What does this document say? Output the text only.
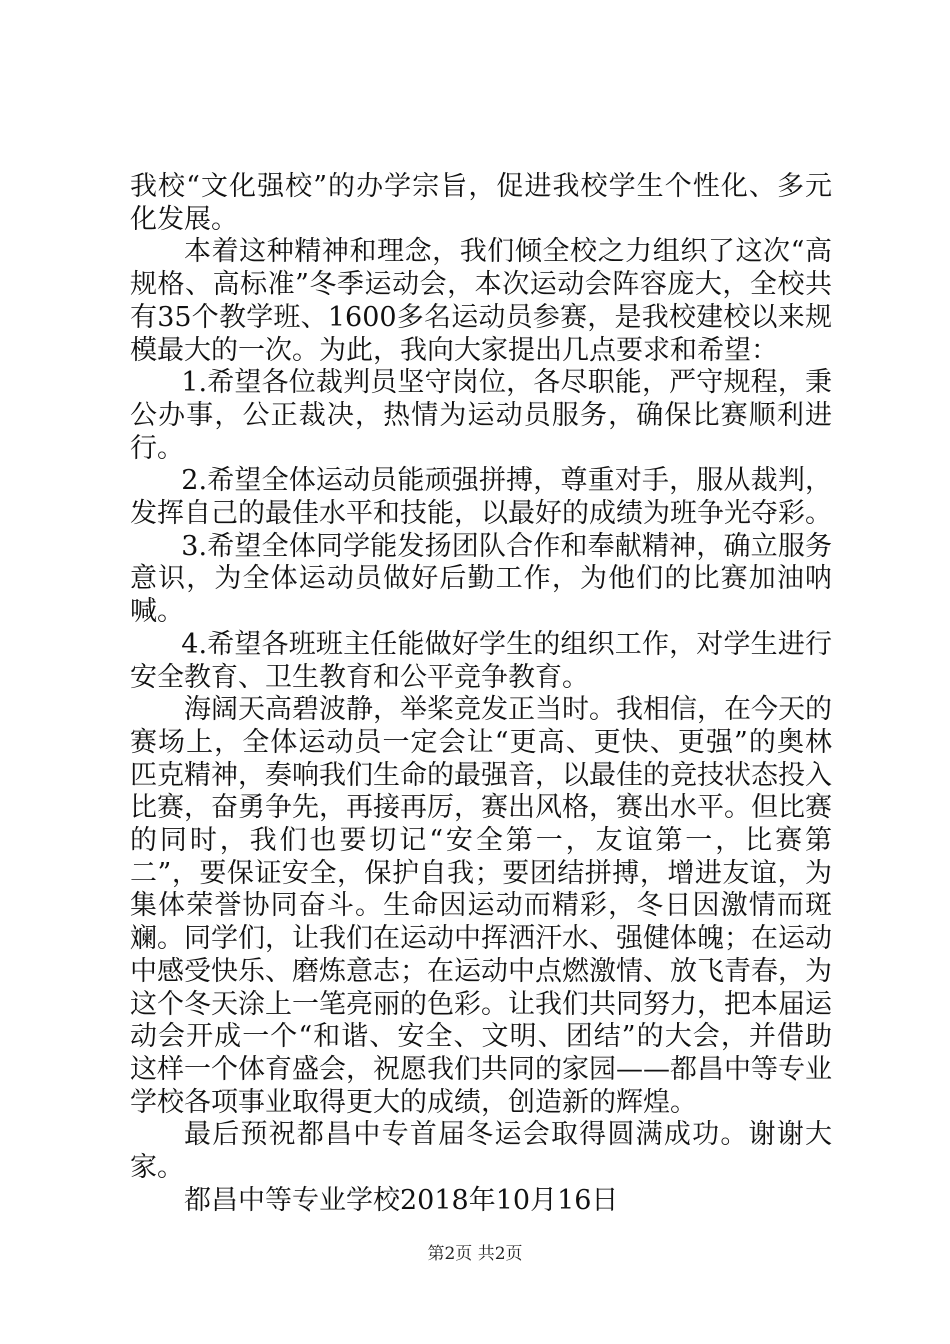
我校“文化强校”的办学宗旨，促进我校学生个性化、多元化发展。

本着这种精神和理念，我们倾全校之力组织了这次“高规格、高标准”冬季运动会，本次运动会阵容庞大，全校共有35个教学班、1600多名运动员参赛，是我校建校以来规模最大的一次。为此，我向大家提出几点要求和希望：

1.希望各位裁判员坚守岗位，各尽职能，严守规程，秉公办事，公正裁决，热情为运动员服务，确保比赛顺利进行。

2.希望全体运动员能顽强拼搏，尊重对手，服从裁判，发挥自己的最佳水平和技能，以最好的成绩为班争光夺彩。

3.希望全体同学能发扬团队合作和奉献精神，确立服务意识，为全体运动员做好后勤工作，为他们的比赛加油呐喊。

4.希望各班班主任能做好学生的组织工作，对学生进行安全教育、卫生教育和公平竞争教育。

海阔天高碧波静，举桨竞发正当时。我相信，在今天的赛场上，全体运动员一定会让“更高、更快、更强”的奥林匹克精神，奏响我们生命的最强音，以最佳的竞技状态投入比赛，奋勇争先，再接再厉，赛出风格，赛出水平。但比赛的同时，我们也要切记“安全第一，友谊第一，比赛第二”，要保证安全，保护自我；要团结拼搏，增进友谊，为集体荣誉协同奋斗。生命因运动而精彩，冬日因激情而斑斓。同学们，让我们在运动中挥洒汗水、强健体魄；在运动中感受快乐、磨炼意志；在运动中点燃激情、放飞青春，为这个冬天涂上一笔亮丽的色彩。让我们共同努力，把本届运动会开成一个“和谐、安全、文明、团结”的大会，并借助这样一个体育盛会，祝愿我们共同的家园——都昌中等专业学校各项事业取得更大的成绩，创造新的辉煌。

最后预祝都昌中专首届冬运会取得圆满成功。谢谢大家。

都昌中等专业学校2018年10月16日

第2页 共2页
